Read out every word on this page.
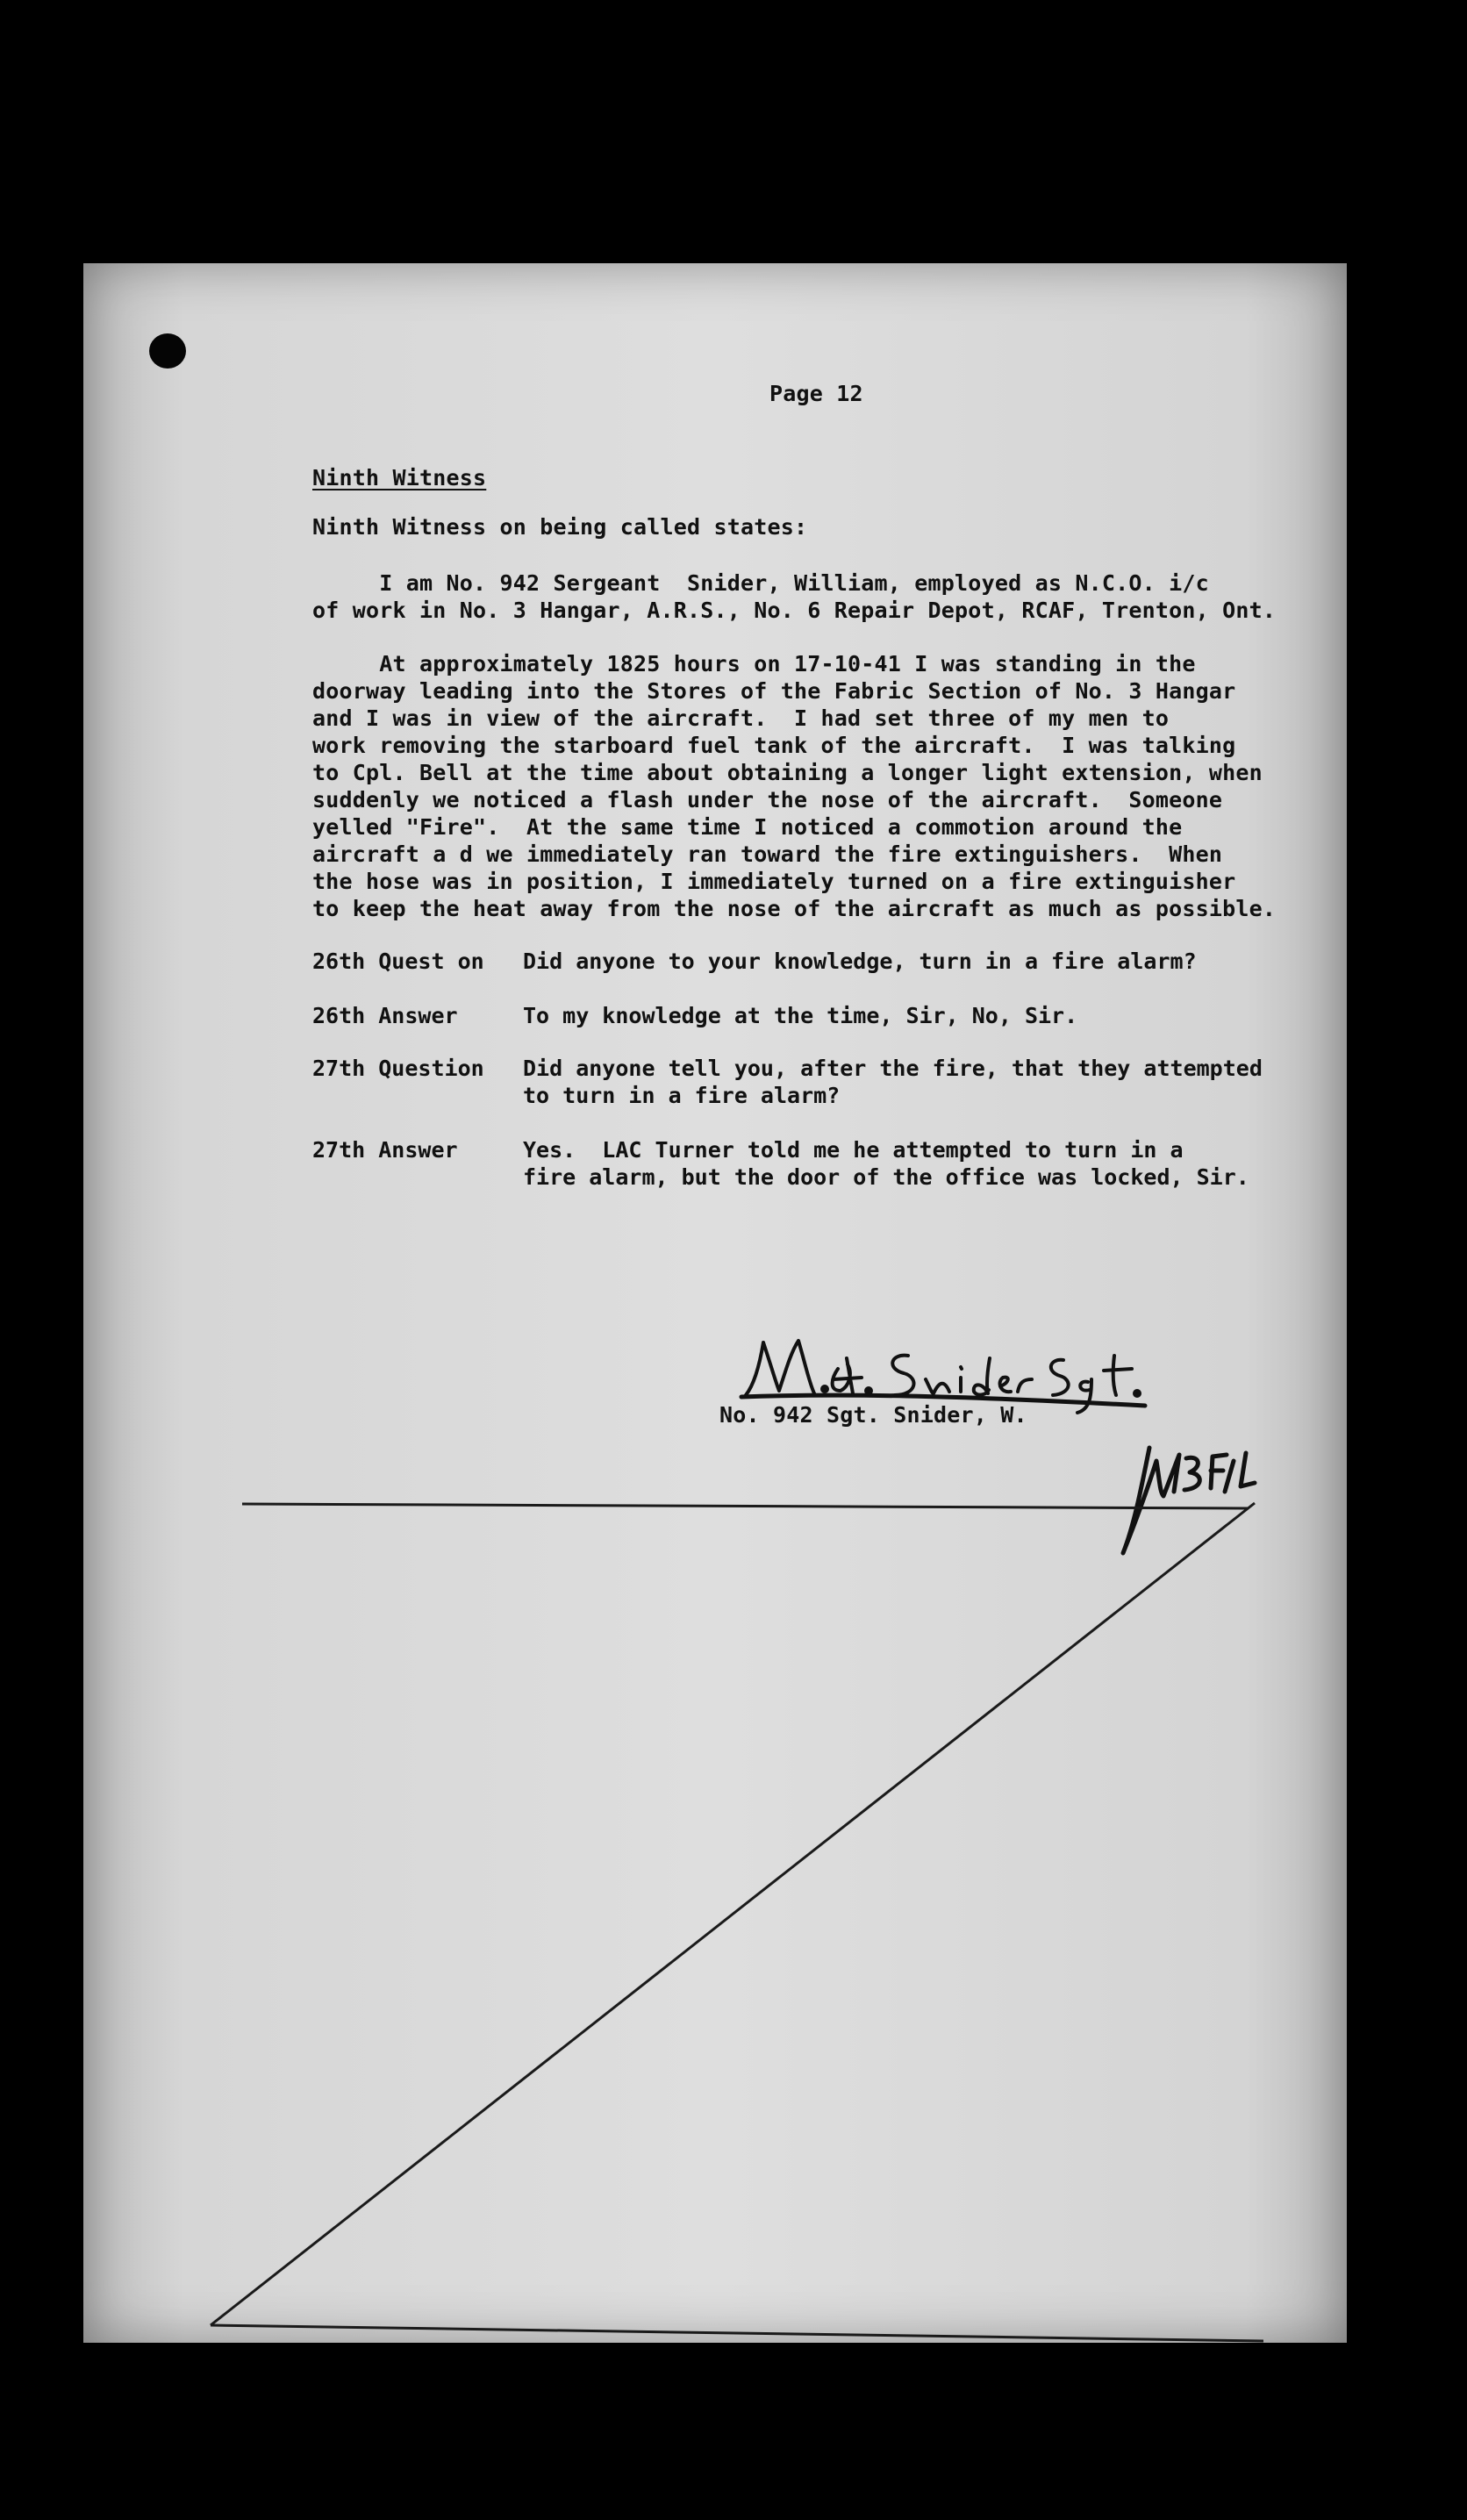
Page 12
Ninth Witness
Ninth Witness on being called states:
I am No. 942 Sergeant  Snider, William, employed as N.C.O. i/c
of work in No. 3 Hangar, A.R.S., No. 6 Repair Depot, RCAF, Trenton, Ont.
At approximately 1825 hours on 17-10-41 I was standing in the
doorway leading into the Stores of the Fabric Section of No. 3 Hangar
and I was in view of the aircraft.  I had set three of my men to
work removing the starboard fuel tank of the aircraft.  I was talking
to Cpl. Bell at the time about obtaining a longer light extension, when
suddenly we noticed a flash under the nose of the aircraft.  Someone
yelled "Fire".  At the same time I noticed a commotion around the
aircraft a d we immediately ran toward the fire extinguishers.  When
the hose was in position, I immediately turned on a fire extinguisher
to keep the heat away from the nose of the aircraft as much as possible.
26th Quest on Did anyone to your knowledge, turn in a fire alarm?
26th Answer	To my knowledge at the time, Sir, No, Sir.
27th Question Did anyone tell you, after the fire, that they attempted
to turn in a fire alarm?
27th Answer	Yes.  LAC Turner told me he attempted to turn in a
fire alarm, but the door of the office was locked, Sir.
No. 942 Sgt. Snider, W.
